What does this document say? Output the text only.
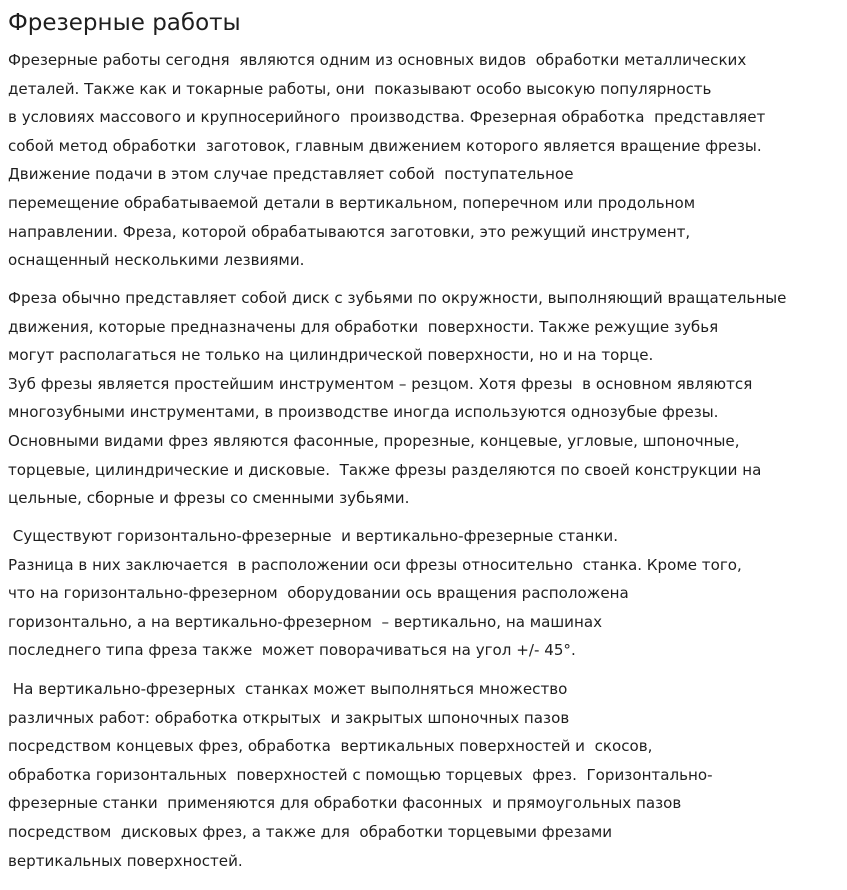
Фрезерные работы
Фрезерные работы сегодня  являются одним из основных видов  обработки металлических
деталей. Также как и токарные работы, они  показывают особо высокую популярность
в условиях массового и крупносерийного  производства. Фрезерная обработка  представляет
собой метод обработки  заготовок, главным движением которого является вращение фрезы.
Движение подачи в этом случае представляет собой  поступательное
перемещение обрабатываемой детали в вертикальном, поперечном или продольном
направлении. Фреза, которой обрабатываются заготовки, это режущий инструмент,
оснащенный несколькими лезвиями.
Фреза обычно представляет собой диск с зубьями по окружности, выполняющий вращательные
движения, которые предназначены для обработки  поверхности. Также режущие зубья
могут располагаться не только на цилиндрической поверхности, но и на торце.
Зуб фрезы является простейшим инструментом – резцом. Хотя фрезы  в основном являются
многозубными инструментами, в производстве иногда используются однозубые фрезы.
Основными видами фрез являются фасонные, прорезные, концевые, угловые, шпоночные,
торцевые, цилиндрические и дисковые.  Также фрезы разделяются по своей конструкции на
цельные, сборные и фрезы со сменными зубьями.
Существуют горизонтально-фрезерные  и вертикально-фрезерные станки.
Разница в них заключается  в расположении оси фрезы относительно  станка. Кроме того,
что на горизонтально-фрезерном  оборудовании ось вращения расположена
горизонтально, а на вертикально-фрезерном  – вертикально, на машинах
последнего типа фреза также  может поворачиваться на угол +/- 45°.
На вертикально-фрезерных  станках может выполняться множество
различных работ: обработка открытых  и закрытых шпоночных пазов
посредством концевых фрез, обработка  вертикальных поверхностей и  скосов,
обработка горизонтальных  поверхностей с помощью торцевых  фрез.  Горизонтально-
фрезерные станки  применяются для обработки фасонных  и прямоугольных пазов
посредством  дисковых фрез, а также для  обработки торцевыми фрезами
вертикальных поверхностей.
